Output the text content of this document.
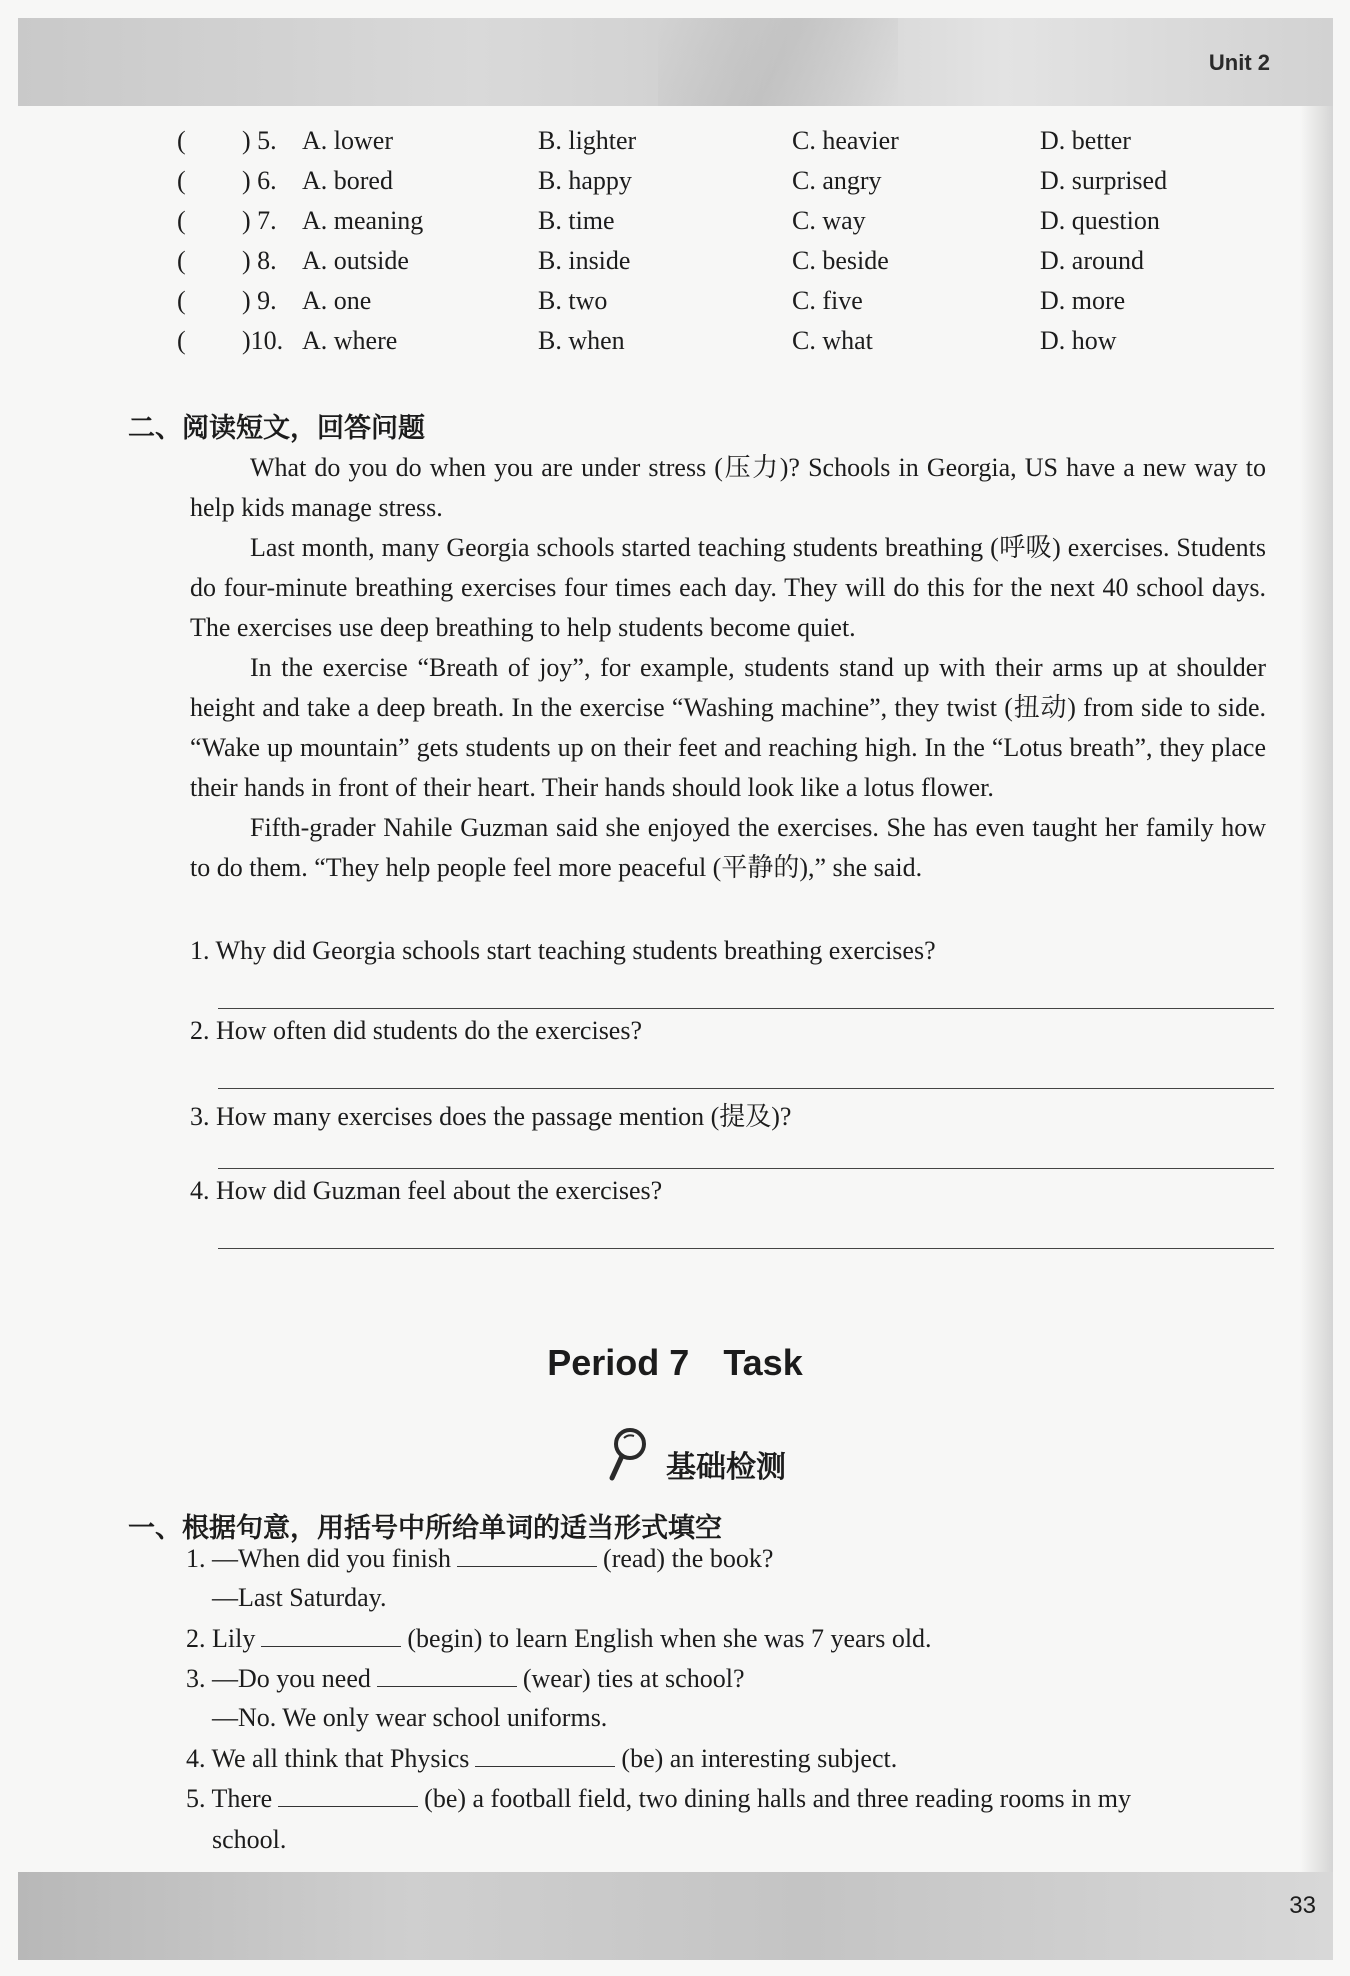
Unit 2
( ) 5. A. lower	B. lighter	C. heavier	D. better
( ) 6. A. bored	B. happy	C. angry	D. surprised
( ) 7. A. meaning	B. time	C. way	D. question
( ) 8. A. outside	B. inside	C. beside	D. around
( ) 9. A. one	B. two	C. five	D. more
( )10. A. where	B. when	C. what	D. how
二、阅读短文，回答问题

What do you do when you are under stress (压力)? Schools in Georgia, US have a new way to help kids manage stress.

Last month, many Georgia schools started teaching students breathing (呼吸) exercises. Students do four-minute breathing exercises four times each day. They will do this for the next 40 school days. The exercises use deep breathing to help students become quiet.

In the exercise “Breath of joy”, for example, students stand up with their arms up at shoulder height and take a deep breath. In the exercise “Washing machine”, they twist (扭动) from side to side. “Wake up mountain” gets students up on their feet and reaching high. In the “Lotus breath”, they place their hands in front of their heart. Their hands should look like a lotus flower.

Fifth-grader Nahile Guzman said she enjoyed the exercises. She has even taught her family how to do them. “They help people feel more peaceful (平静的),” she said.

1. Why did Georgia schools start teaching students breathing exercises?
2. How often did students do the exercises?
3. How many exercises does the passage mention (提及)?
4. How did Guzman feel about the exercises?
Period 7 Task
基础检测
一、根据句意，用括号中所给单词的适当形式填空
1. —When did you finish	(read) the book?
—Last Saturday.
2. Lily	(begin) to learn English when she was 7 years old.
3. —Do you need	(wear) ties at school?
—No. We only wear school uniforms.
4. We all think that Physics	(be) an interesting subject.
5. There	(be) a football field, two dining halls and three reading rooms in my
school.
33
